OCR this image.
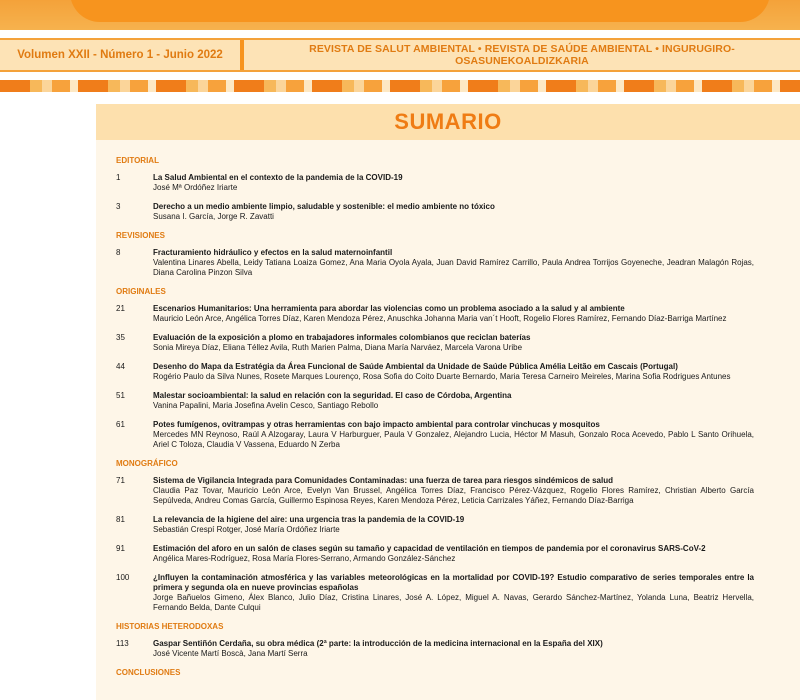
Volumen XXII - Número 1 - Junio 2022	REVISTA DE SALUT AMBIENTAL • REVISTA DE SAÚDE AMBIENTAL • INGURUGIRO-OSASUNEKOALDIZKARIA
SUMARIO
EDITORIAL
1	La Salud Ambiental en el contexto de la pandemia de la COVID-19
José Mª Ordóñez Iriarte
3	Derecho a un medio ambiente limpio, saludable y sostenible: el medio ambiente no tóxico
Susana I. García, Jorge R. Zavatti
REVISIONES
8	Fracturamiento hidráulico y efectos en la salud maternoinfantil
Valentina Linares Abella, Leidy Tatiana Loaiza Gomez, Ana Maria Oyola Ayala, Juan David Ramírez Carrillo, Paula Andrea Torrijos Goyeneche, Jeadran Malagón Rojas, Diana Carolina Pinzon Silva
ORIGINALES
21	Escenarios Humanitarios: Una herramienta para abordar las violencias como un problema asociado a la salud y al ambiente
Mauricio León Arce, Angélica Torres Díaz, Karen Mendoza Pérez, Anuschka Johanna Maria van´t Hooft, Rogelio Flores Ramírez, Fernando Díaz-Barriga Martínez
35	Evaluación de la exposición a plomo en trabajadores informales colombianos que reciclan baterías
Sonia Mireya Díaz, Eliana Téllez Avila, Ruth Marien Palma, Diana María Narváez, Marcela Varona Uribe
44	Desenho do Mapa da Estratégia da Área Funcional de Saúde Ambiental da Unidade de Saúde Pública Amélia Leitão em Cascais (Portugal)
Rogério Paulo da Silva Nunes, Rosete Marques Lourenço, Rosa Sofia do Coito Duarte Bernardo, Maria Teresa Carneiro Meireles, Marina Sofia Rodrigues Antunes
51	Malestar socioambiental: la salud en relación con la seguridad. El caso de Córdoba, Argentina
Vanina Papalini, Maria Josefina Avelin Cesco, Santiago Rebollo
61	Potes fumígenos, ovitrampas y otras herramientas con bajo impacto ambiental para controlar vinchucas y mosquitos
Mercedes MN Reynoso, Raúl A Alzogaray, Laura V Harburguer, Paula V Gonzalez, Alejandro Lucia, Héctor M Masuh, Gonzalo Roca Acevedo, Pablo L Santo Orihuela, Ariel C Toloza, Claudia V Vassena, Eduardo N Zerba
MONOGRÁFICO
71	Sistema de Vigilancia Integrada para Comunidades Contaminadas: una fuerza de tarea para riesgos sindémicos de salud
Claudia Paz Tovar, Mauricio León Arce, Evelyn Van Brussel, Angélica Torres Díaz, Francisco Pérez-Vázquez, Rogelio Flores Ramírez, Christian Alberto García Sepúlveda, Andreu Comas García, Guillermo Espinosa Reyes, Karen Mendoza Pérez, Leticia Carrizales Yáñez, Fernando Díaz-Barriga
81	La relevancia de la higiene del aire: una urgencia tras la pandemia de la COVID-19
Sebastián Crespí Rotger, José María Ordóñez Iriarte
91	Estimación del aforo en un salón de clases según su tamaño y capacidad de ventilación en tiempos de pandemia por el coronavirus SARS-CoV-2
Angélica Mares-Rodríguez, Rosa María Flores-Serrano, Armando González-Sánchez
100	¿Influyen la contaminación atmosférica y las variables meteorológicas en la mortalidad por COVID-19? Estudio comparativo de series temporales entre la primera y segunda ola en nueve provincias españolas
Jorge Bañuelos Gimeno, Álex Blanco, Julio Díaz, Cristina Linares, José A. López, Miguel A. Navas, Gerardo Sánchez-Martínez, Yolanda Luna, Beatriz Hervella, Fernando Belda, Dante Culqui
HISTORIAS HETERODOXAS
113	Gaspar Sentiñón Cerdaña, su obra médica (2ª parte: la introducción de la medicina internacional en la España del XIX)
José Vicente Martí Boscà, Jana Martí Serra
CONCLUSIONES
